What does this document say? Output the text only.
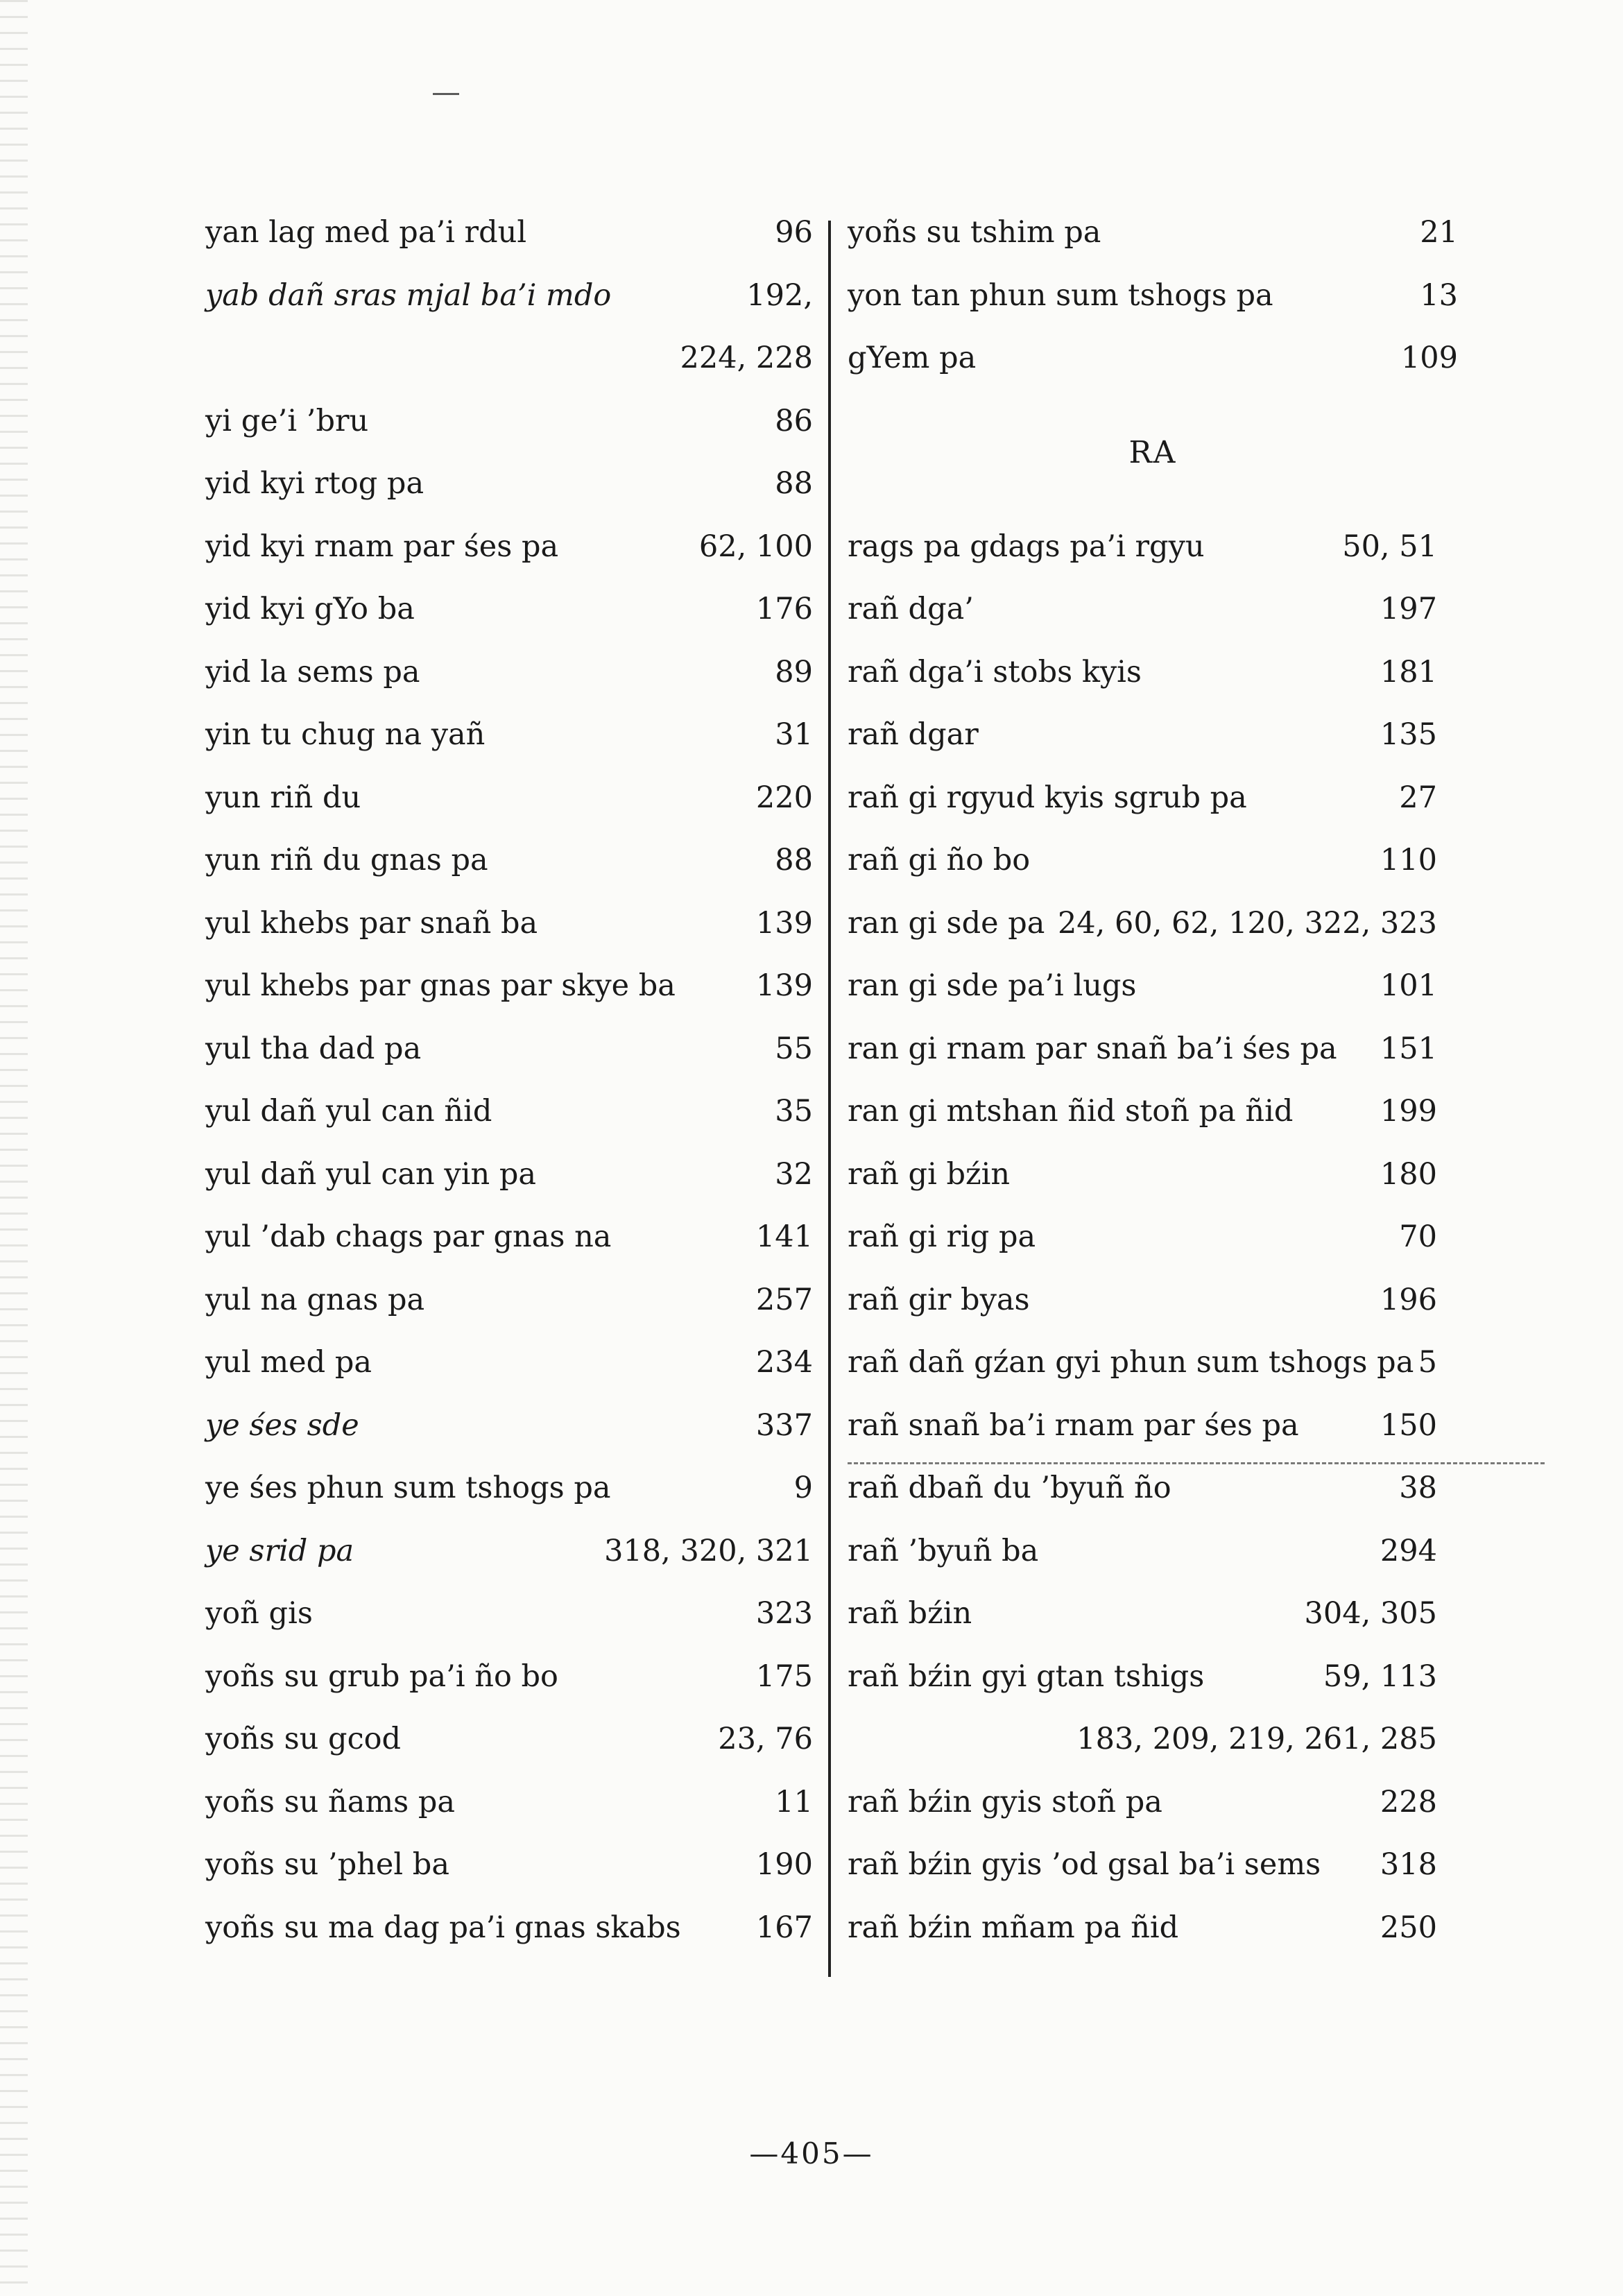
yan lag med pa’i rdul	96
yab dañ sras mjal ba’i mdo	192,
224, 228
yi ge’i ’bru	86
yid kyi rtog pa	88
yid kyi rnam par śes pa	62, 100
yid kyi gYo ba	176
yid la sems pa	89
yin tu chug na yañ	31
yun riñ du	220
yun riñ du gnas pa	88
yul khebs par snañ ba	139
yul khebs par gnas par skye ba	139
yul tha dad pa	55
yul dañ yul can ñid	35
yul dañ yul can yin pa	32
yul ’dab chags par gnas na	141
yul na gnas pa	257
yul med pa	234
ye śes sde	337
ye śes phun sum tshogs pa	9
ye srid pa	318, 320, 321
yoñ gis	323
yoñs su grub pa’i ño bo	175
yoñs su gcod	23, 76
yoñs su ñams pa	11
yoñs su ’phel ba	190
yoñs su ma dag pa’i gnas skabs	167
yoñs su tshim pa	21
yon tan phun sum tshogs pa	13
gYem pa	109
RA
rags pa gdags pa’i rgyu	50, 51
rañ dga’	197
rañ dga’i stobs kyis	181
rañ dgar	135
rañ gi rgyud kyis sgrub pa	27
rañ gi ño bo	110
ran gi sde pa 24, 60, 62, 120, 322, 323
ran gi sde pa’i lugs	101
ran gi rnam par snañ ba’i śes pa 151
ran gi mtshan ñid stoñ pa ñid	199
rañ gi bźin	180
rañ gi rig pa	70
rañ gir byas	196
rañ dañ gźan gyi phun sum tshogs pa 5
rañ snañ ba’i rnam par śes pa	150
rañ dbañ du ’byuñ ño	38
rañ ’byuñ ba	294
rañ bźin	304, 305
rañ bźin gyi gtan tshigs	59, 113
183, 209, 219, 261, 285
rañ bźin gyis stoñ pa	228
rañ bźin gyis ’od gsal ba’i sems 318
rañ bźin mñam pa ñid	250
—405—
